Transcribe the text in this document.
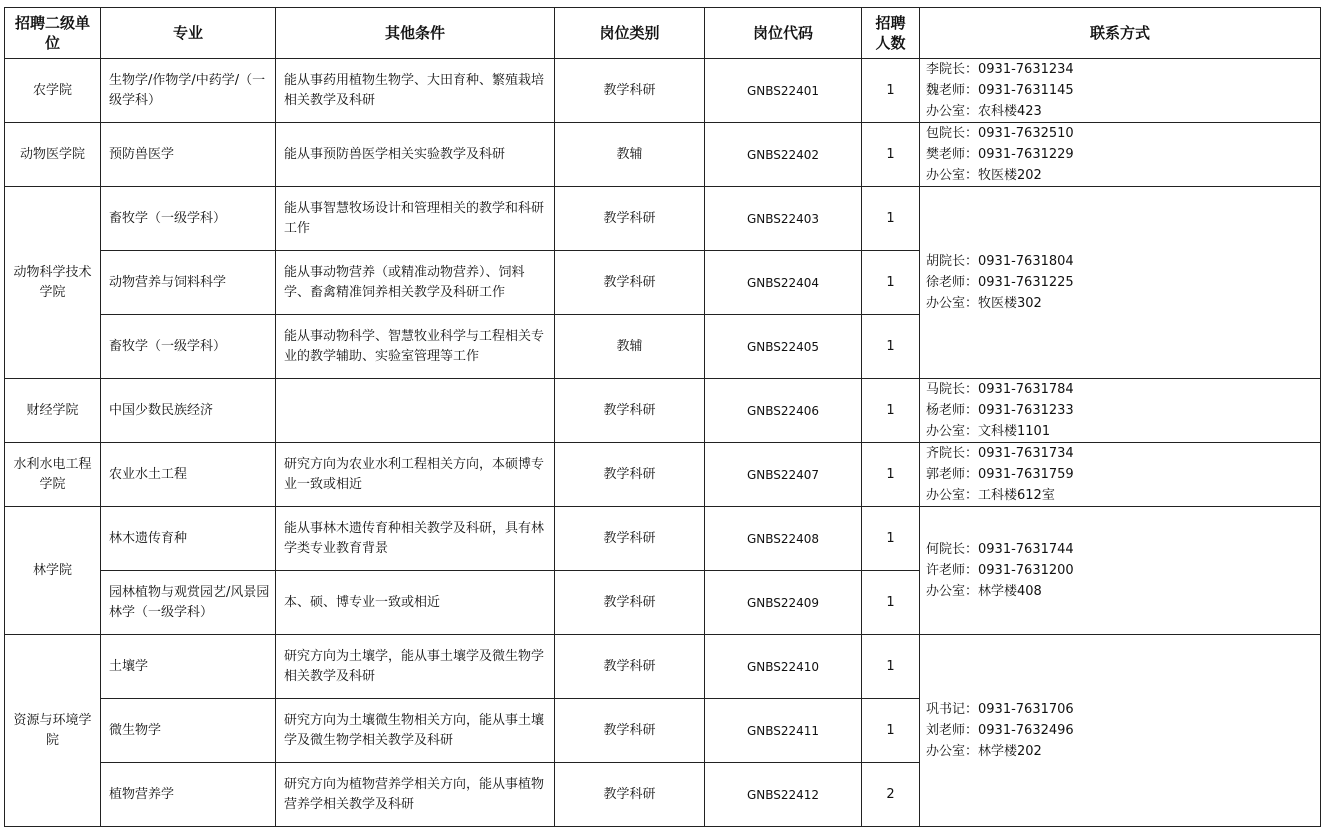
招聘二级单位	专业	其他条件	岗位类别	岗位代码	招聘人数	联系方式
农学院	生物学/作物学/中药学/（一级学科）	能从事药用植物生物学、大田育种、繁殖栽培相关教学及科研	教学科研	GNBS22401	1	李院长：0931-7631234
魏老师：0931-7631145
办公室：农科楼423

动物医学院	预防兽医学	能从事预防兽医学相关实验教学及科研	教辅	GNBS22402	1	包院长：0931-7632510
樊老师：0931-7631229
办公室：牧医楼202

动物科学技术学院	畜牧学（一级学科）	能从事智慧牧场设计和管理相关的教学和科研工作	教学科研	GNBS22403	1	胡院长：0931-7631804
徐老师：0931-7631225
办公室：牧医楼302

	动物营养与饲料科学	能从事动物营养（或精准动物营养）、饲料学、畜禽精准饲养相关教学及科研工作	教学科研	GNBS22404	1	
	畜牧学（一级学科）	能从事动物科学、智慧牧业科学与工程相关专业的教学辅助、实验室管理等工作	教辅	GNBS22405	1	
财经学院	中国少数民族经济		教学科研	GNBS22406	1	马院长：0931-7631784
杨老师：0931-7631233
办公室：文科楼1101

水利水电工程学院	农业水土工程	研究方向为农业水利工程相关方向，本硕博专业一致或相近	教学科研	GNBS22407	1	齐院长：0931-7631734
郭老师：0931-7631759
办公室：工科楼612室

林学院	林木遗传育种	能从事林木遗传育种相关教学及科研，具有林学类专业教育背景	教学科研	GNBS22408	1	何院长：0931-7631744
许老师：0931-7631200
办公室：林学楼408

	园林植物与观赏园艺/风景园林学（一级学科）	本、硕、博专业一致或相近	教学科研	GNBS22409	1	
资源与环境学院	土壤学	研究方向为土壤学，能从事土壤学及微生物学相关教学及科研	教学科研	GNBS22410	1	巩书记：0931-7631706
刘老师：0931-7632496
办公室：林学楼202

	微生物学	研究方向为土壤微生物相关方向，能从事土壤学及微生物学相关教学及科研	教学科研	GNBS22411	1	
	植物营养学	研究方向为植物营养学相关方向，能从事植物营养学相关教学及科研	教学科研	GNBS22412	2	
